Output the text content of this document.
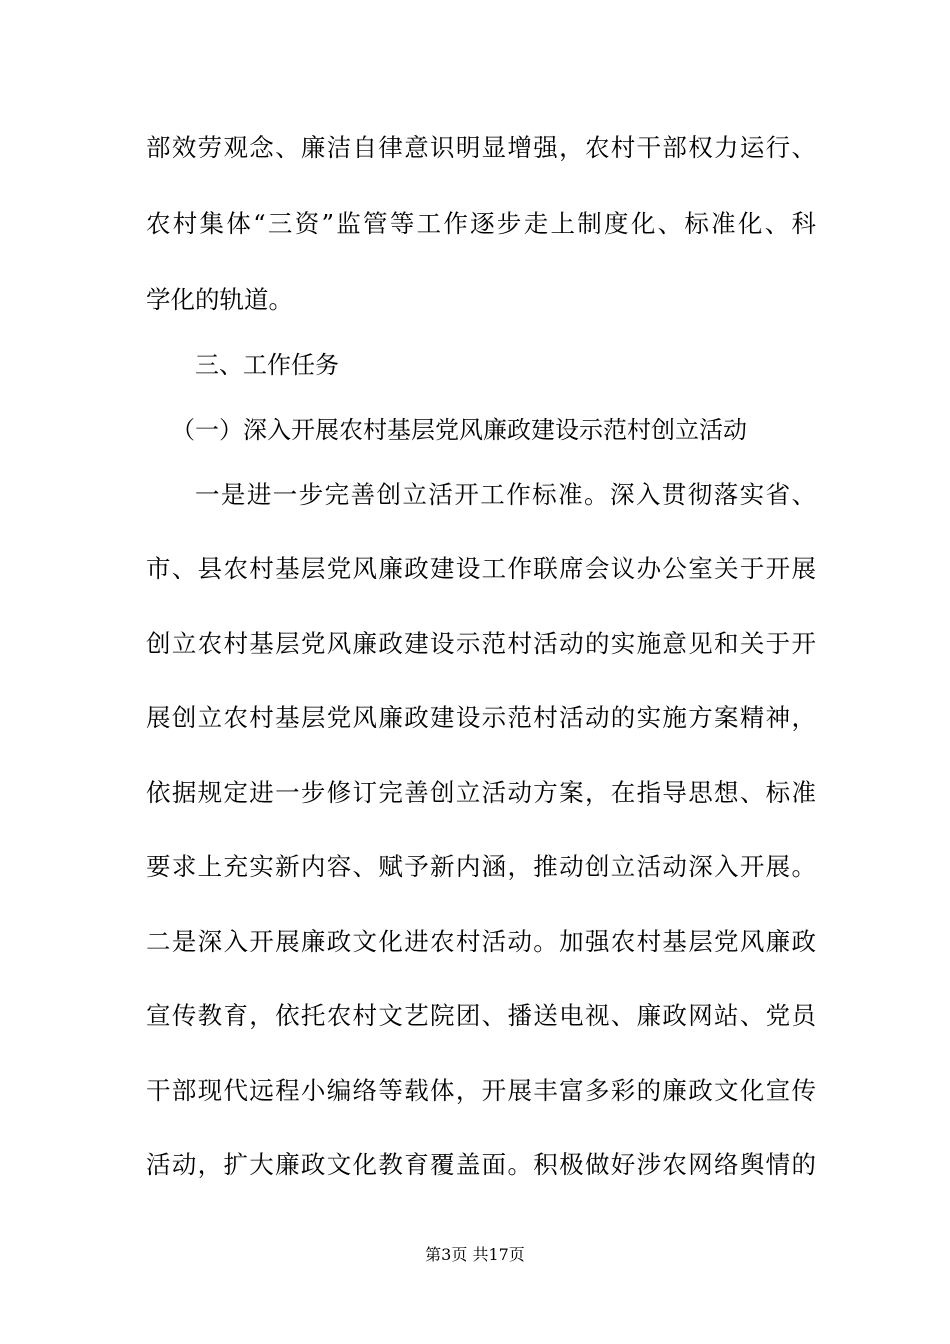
部效劳观念、廉洁自律意识明显增强，农村干部权力运行、
农村集体“三资”监管等工作逐步走上制度化、标准化、科
学化的轨道。
三、工作任务
（一）深入开展农村基层党风廉政建设示范村创立活动
一是进一步完善创立活开工作标准。深入贯彻落实省、
市、县农村基层党风廉政建设工作联席会议办公室关于开展
创立农村基层党风廉政建设示范村活动的实施意见和关于开
展创立农村基层党风廉政建设示范村活动的实施方案精神，
依据规定进一步修订完善创立活动方案，在指导思想、标准
要求上充实新内容、赋予新内涵，推动创立活动深入开展。
二是深入开展廉政文化进农村活动。加强农村基层党风廉政
宣传教育，依托农村文艺院团、播送电视、廉政网站、党员
干部现代远程小编络等载体，开展丰富多彩的廉政文化宣传
活动，扩大廉政文化教育覆盖面。积极做好涉农网络舆情的
第3页 共17页
